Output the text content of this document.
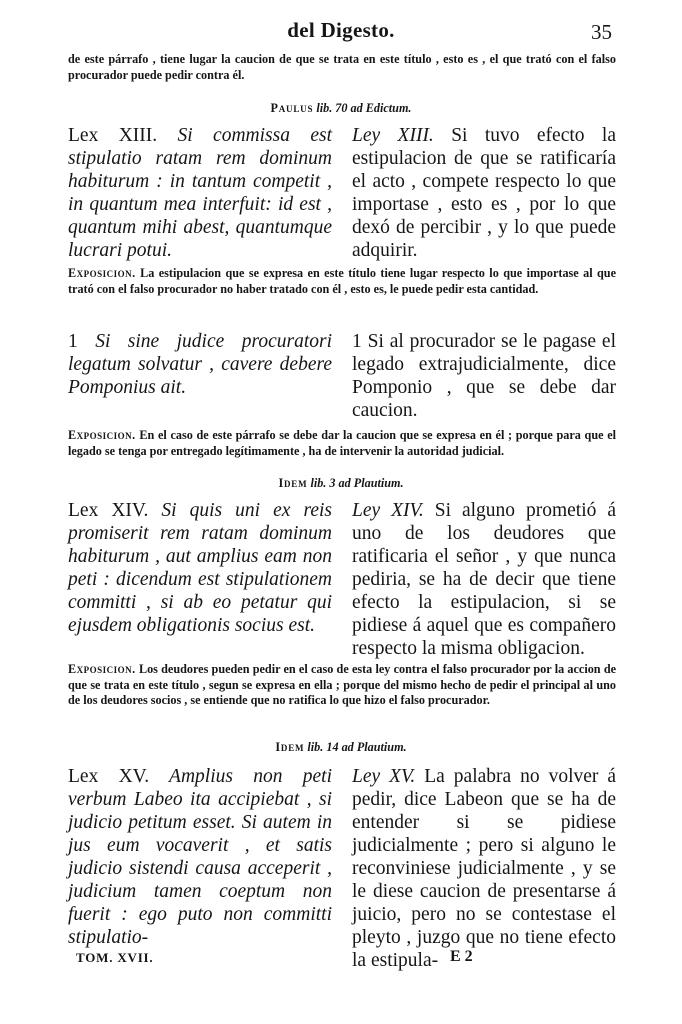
del Digesto.	35
de este párrafo , tiene lugar la caucion de que se trata en este título , esto es , el que trató con el falso procurador puede pedir contra él.
Paulus lib. 70 ad Edictum.
Lex XIII. Si commissa est stipulatio ratam rem dominum habiturum : in tantum competit , in quantum mea interfuit: id est , quantum mihi abest, quantumque lucrari potui.
Ley XIII. Si tuvo efecto la estipulacion de que se ratificaría el acto , compete respecto lo que importase , esto es , por lo que dexó de percibir , y lo que puede adquirir.
Exposicion. La estipulacion que se expresa en este título tiene lugar respecto lo que importase al que trató con el falso procurador no haber tratado con él , esto es, le puede pedir esta cantidad.
1 Si sine judice procuratori legatum solvatur , cavere debere Pomponius ait.
1 Si al procurador se le pagase el legado extrajudicialmente, dice Pomponio , que se debe dar caucion.
Exposicion. En el caso de este párrafo se debe dar la caucion que se expresa en él ; porque para que el legado se tenga por entregado legítimamente , ha de intervenir la autoridad judicial.
Idem lib. 3 ad Plautium.
Lex XIV. Si quis uni ex reis promiserit rem ratam dominum habiturum , aut amplius eam non peti : dicendum est stipulationem committi , si ab eo petatur qui ejusdem obligationis socius est.
Ley XIV. Si alguno prometió á uno de los deudores que ratificaria el señor , y que nunca pediria, se ha de decir que tiene efecto la estipulacion, si se pidiese á aquel que es compañero respecto la misma obligacion.
Exposicion. Los deudores pueden pedir en el caso de esta ley contra el falso procurador por la accion de que se trata en este título , segun se expresa en ella ; porque del mismo hecho de pedir el principal al uno de los deudores socios , se entiende que no ratifica lo que hizo el falso procurador.
Idem lib. 14 ad Plautium.
Lex XV. Amplius non peti verbum Labeo ita accipiebat , si judicio petitum esset. Si autem in jus eum vocaverit , et satis judicio sistendi causa acceperit , judicium tamen coeptum non fuerit : ego puto non committi stipulatio-
Ley XV. La palabra no volver á pedir, dice Labeon que se ha de entender si se pidiese judicialmente ; pero si alguno le reconviniese judicialmente , y se le diese caucion de presentarse á juicio, pero no se contestase el pleyto , juzgo que no tiene efecto la estipula-
TOM. XVII.	E 2
